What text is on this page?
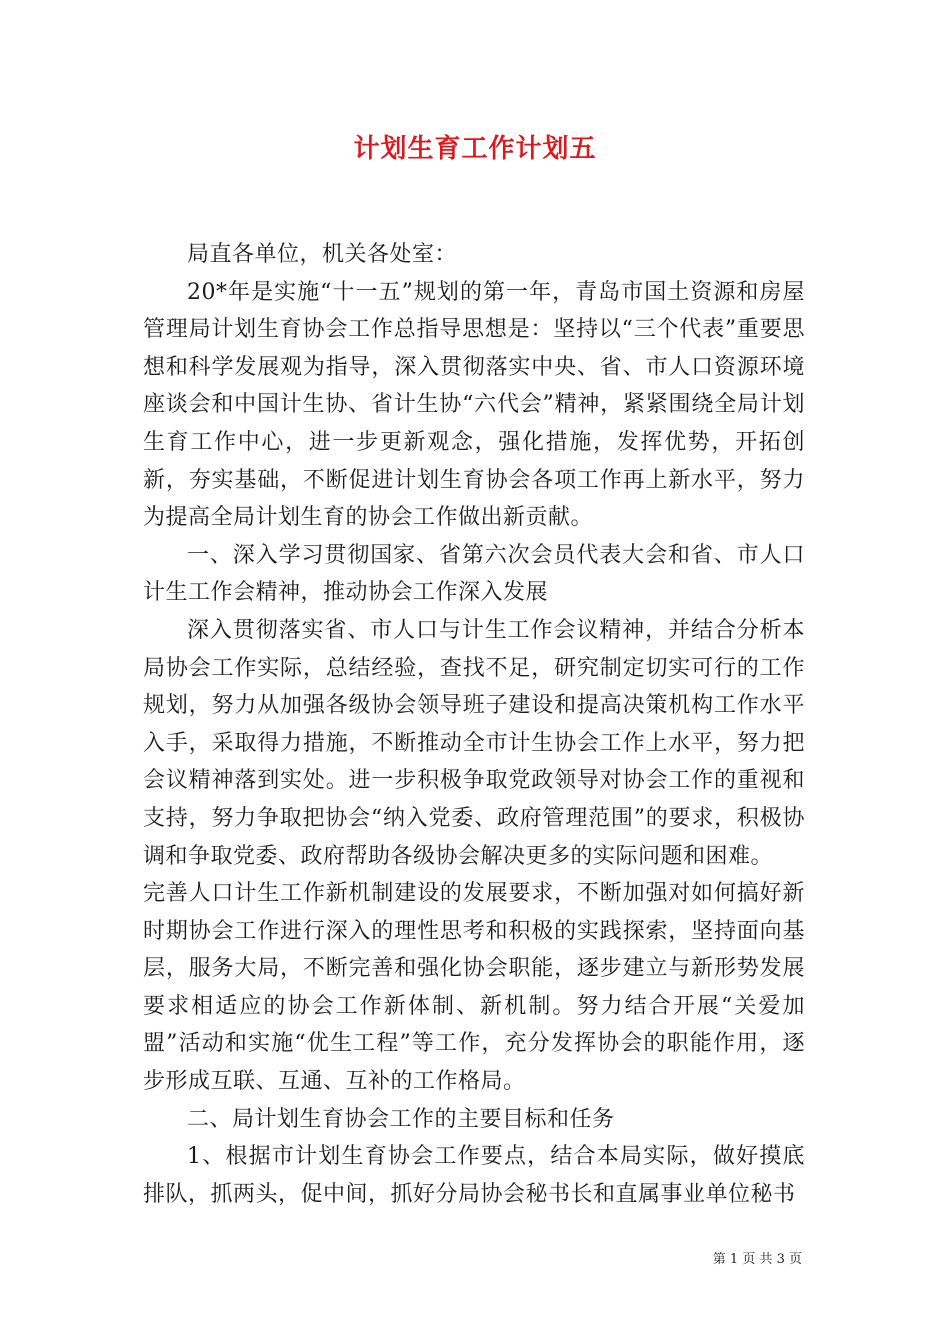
计划生育工作计划五

局直各单位，机关各处室：

20*年是实施“十一五”规划的第一年，青岛市国土资源和房屋管理局计划生育协会工作总指导思想是：坚持以“三个代表”重要思想和科学发展观为指导，深入贯彻落实中央、省、市人口资源环境座谈会和中国计生协、省计生协“六代会”精神，紧紧围绕全局计划生育工作中心，进一步更新观念，强化措施，发挥优势，开拓创新，夯实基础，不断促进计划生育协会各项工作再上新水平，努力为提高全局计划生育的协会工作做出新贡献。

一、深入学习贯彻国家、省第六次会员代表大会和省、市人口计生工作会精神，推动协会工作深入发展

深入贯彻落实省、市人口与计生工作会议精神，并结合分析本局协会工作实际，总结经验，查找不足，研究制定切实可行的工作规划，努力从加强各级协会领导班子建设和提高决策机构工作水平入手，采取得力措施，不断推动全市计生协会工作上水平，努力把会议精神落到实处。进一步积极争取党政领导对协会工作的重视和支持，努力争取把协会“纳入党委、政府管理范围”的要求，积极协调和争取党委、政府帮助各级协会解决更多的实际问题和困难。

完善人口计生工作新机制建设的发展要求，不断加强对如何搞好新时期协会工作进行深入的理性思考和积极的实践探索，坚持面向基层，服务大局，不断完善和强化协会职能，逐步建立与新形势发展要求相适应的协会工作新体制、新机制。努力结合开展“关爱加盟”活动和实施“优生工程”等工作，充分发挥协会的职能作用，逐步形成互联、互通、互补的工作格局。

二、局计划生育协会工作的主要目标和任务

1、根据市计划生育协会工作要点，结合本局实际，做好摸底排队，抓两头，促中间，抓好分局协会秘书长和直属事业单位秘书

第 1 页 共 3 页
